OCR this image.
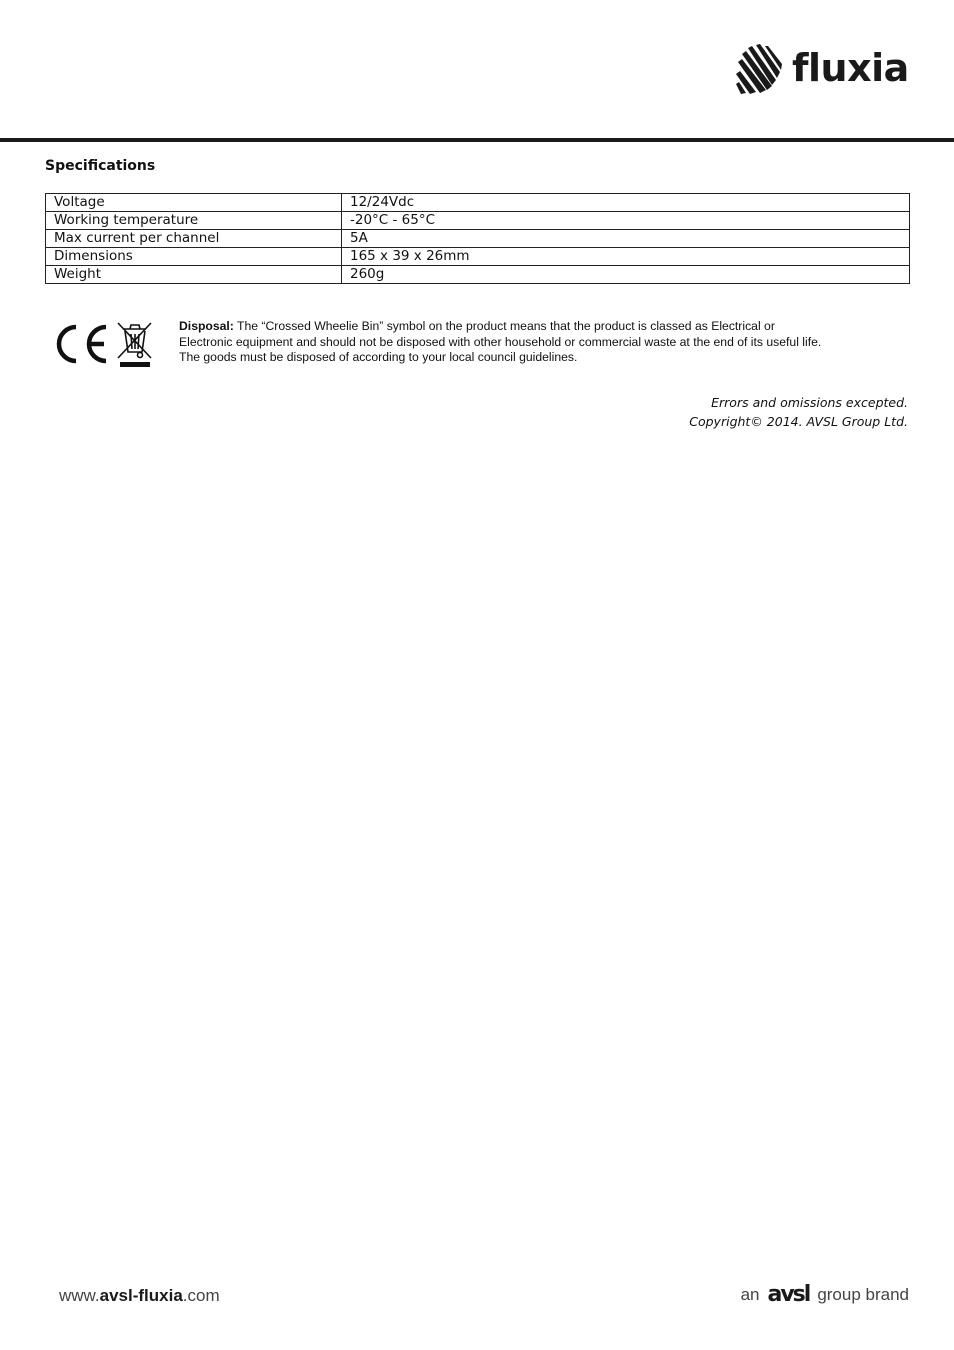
fluxia
Specifications
Voltage	12/24Vdc
Working temperature	-20°C - 65°C
Max current per channel	5A
Dimensions	165 x 39 x 26mm
Weight	260g
Disposal: The “Crossed Wheelie Bin” symbol on the product means that the product is classed as Electrical or
Electronic equipment and should not be disposed with other household or commercial waste at the end of its useful life.
The goods must be disposed of according to your local council guidelines.
Errors and omissions excepted.
Copyright© 2014. AVSL Group Ltd.
www.avsl-fluxia.com	an avsl group brand
